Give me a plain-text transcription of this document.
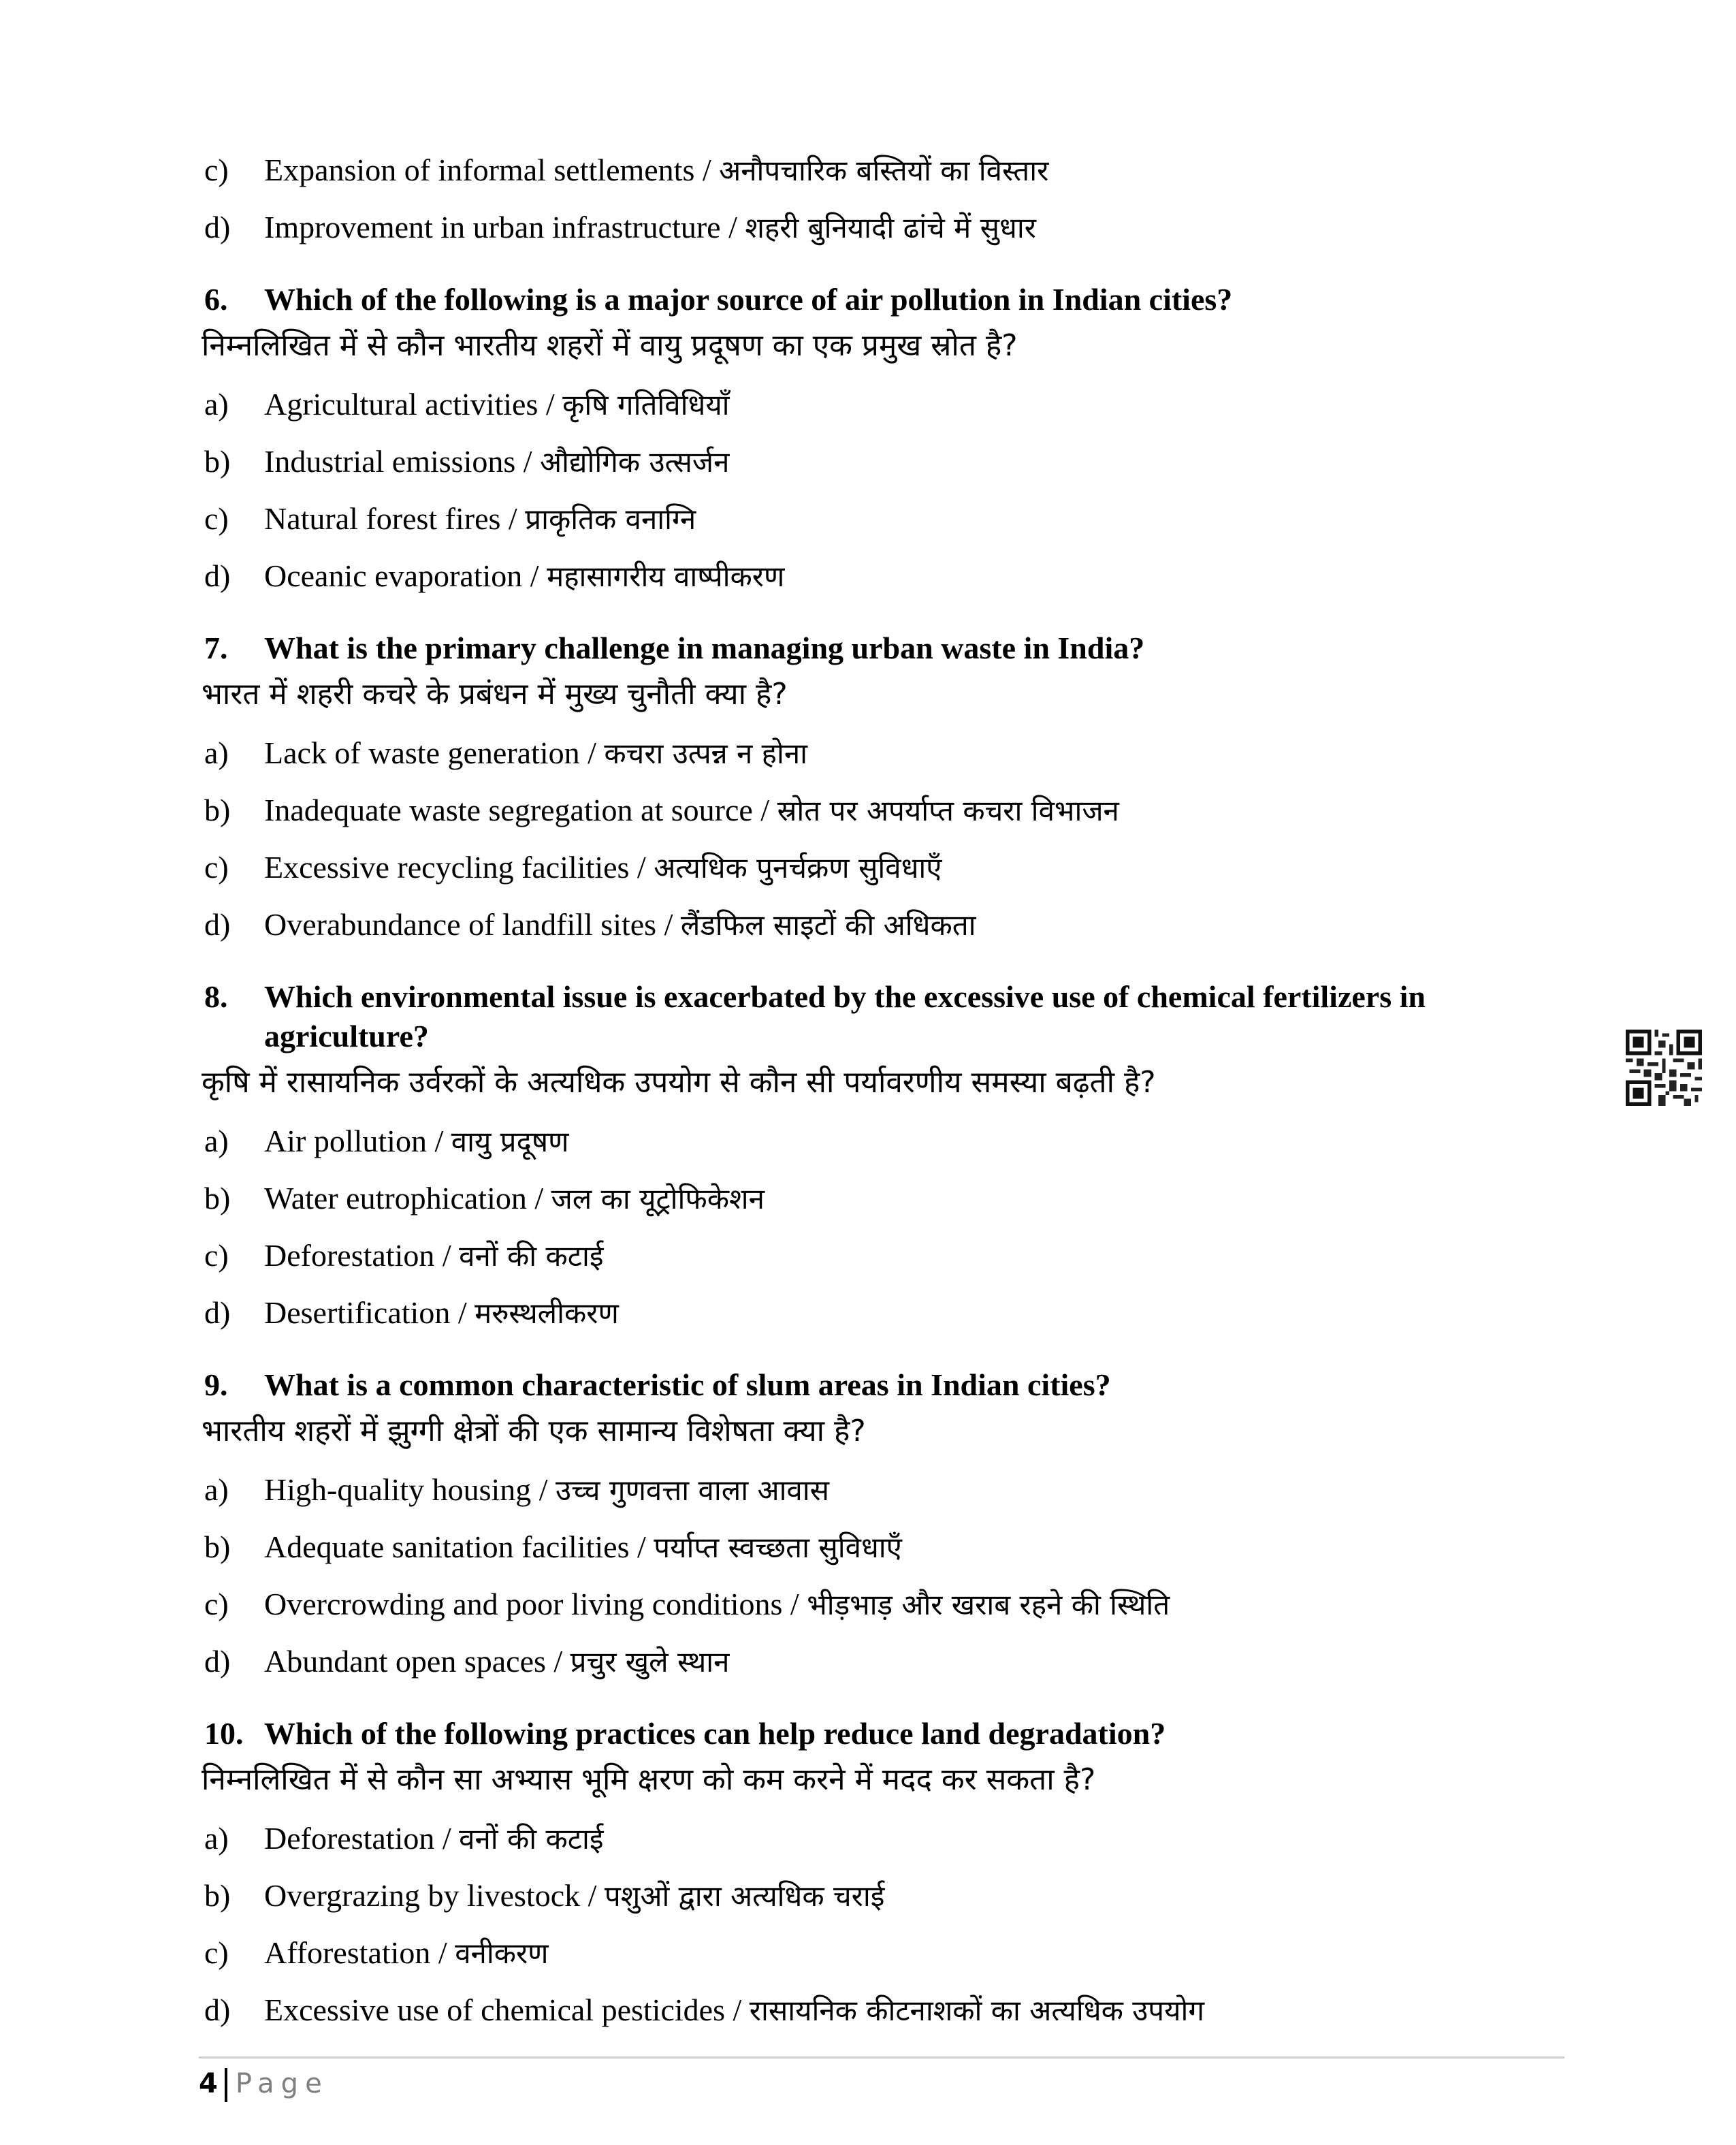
c) Expansion of informal settlements / अनौपचारिक बस्तियों का विस्तार
d) Improvement in urban infrastructure / शहरी बुनियादी ढांचे में सुधार
6. Which of the following is a major source of air pollution in Indian cities?
निम्नलिखित में से कौन भारतीय शहरों में वायु प्रदूषण का एक प्रमुख स्रोत है?
a) Agricultural activities / कृषि गतिविधियाँ
b) Industrial emissions / औद्योगिक उत्सर्जन
c) Natural forest fires / प्राकृतिक वनाग्नि
d) Oceanic evaporation / महासागरीय वाष्पीकरण
7. What is the primary challenge in managing urban waste in India?
भारत में शहरी कचरे के प्रबंधन में मुख्य चुनौती क्या है?
a) Lack of waste generation / कचरा उत्पन्न न होना
b) Inadequate waste segregation at source / स्रोत पर अपर्याप्त कचरा विभाजन
c) Excessive recycling facilities / अत्यधिक पुनर्चक्रण सुविधाएँ
d) Overabundance of landfill sites / लैंडफिल साइटों की अधिकता
8. Which environmental issue is exacerbated by the excessive use of chemical fertilizers in
agriculture?
कृषि में रासायनिक उर्वरकों के अत्यधिक उपयोग से कौन सी पर्यावरणीय समस्या बढ़ती है?
a) Air pollution / वायु प्रदूषण
b) Water eutrophication / जल का यूट्रोफिकेशन
c) Deforestation / वनों की कटाई
d) Desertification / मरुस्थलीकरण
9. What is a common characteristic of slum areas in Indian cities?
भारतीय शहरों में झुग्गी क्षेत्रों की एक सामान्य विशेषता क्या है?
a) High-quality housing / उच्च गुणवत्ता वाला आवास
b) Adequate sanitation facilities / पर्याप्त स्वच्छता सुविधाएँ
c) Overcrowding and poor living conditions / भीड़भाड़ और खराब रहने की स्थिति
d) Abundant open spaces / प्रचुर खुले स्थान
10. Which of the following practices can help reduce land degradation?
निम्नलिखित में से कौन सा अभ्यास भूमि क्षरण को कम करने में मदद कर सकता है?
a) Deforestation / वनों की कटाई
b) Overgrazing by livestock / पशुओं द्वारा अत्यधिक चराई
c) Afforestation / वनीकरण
d) Excessive use of chemical pesticides / रासायनिक कीटनाशकों का अत्यधिक उपयोग
4 Page
